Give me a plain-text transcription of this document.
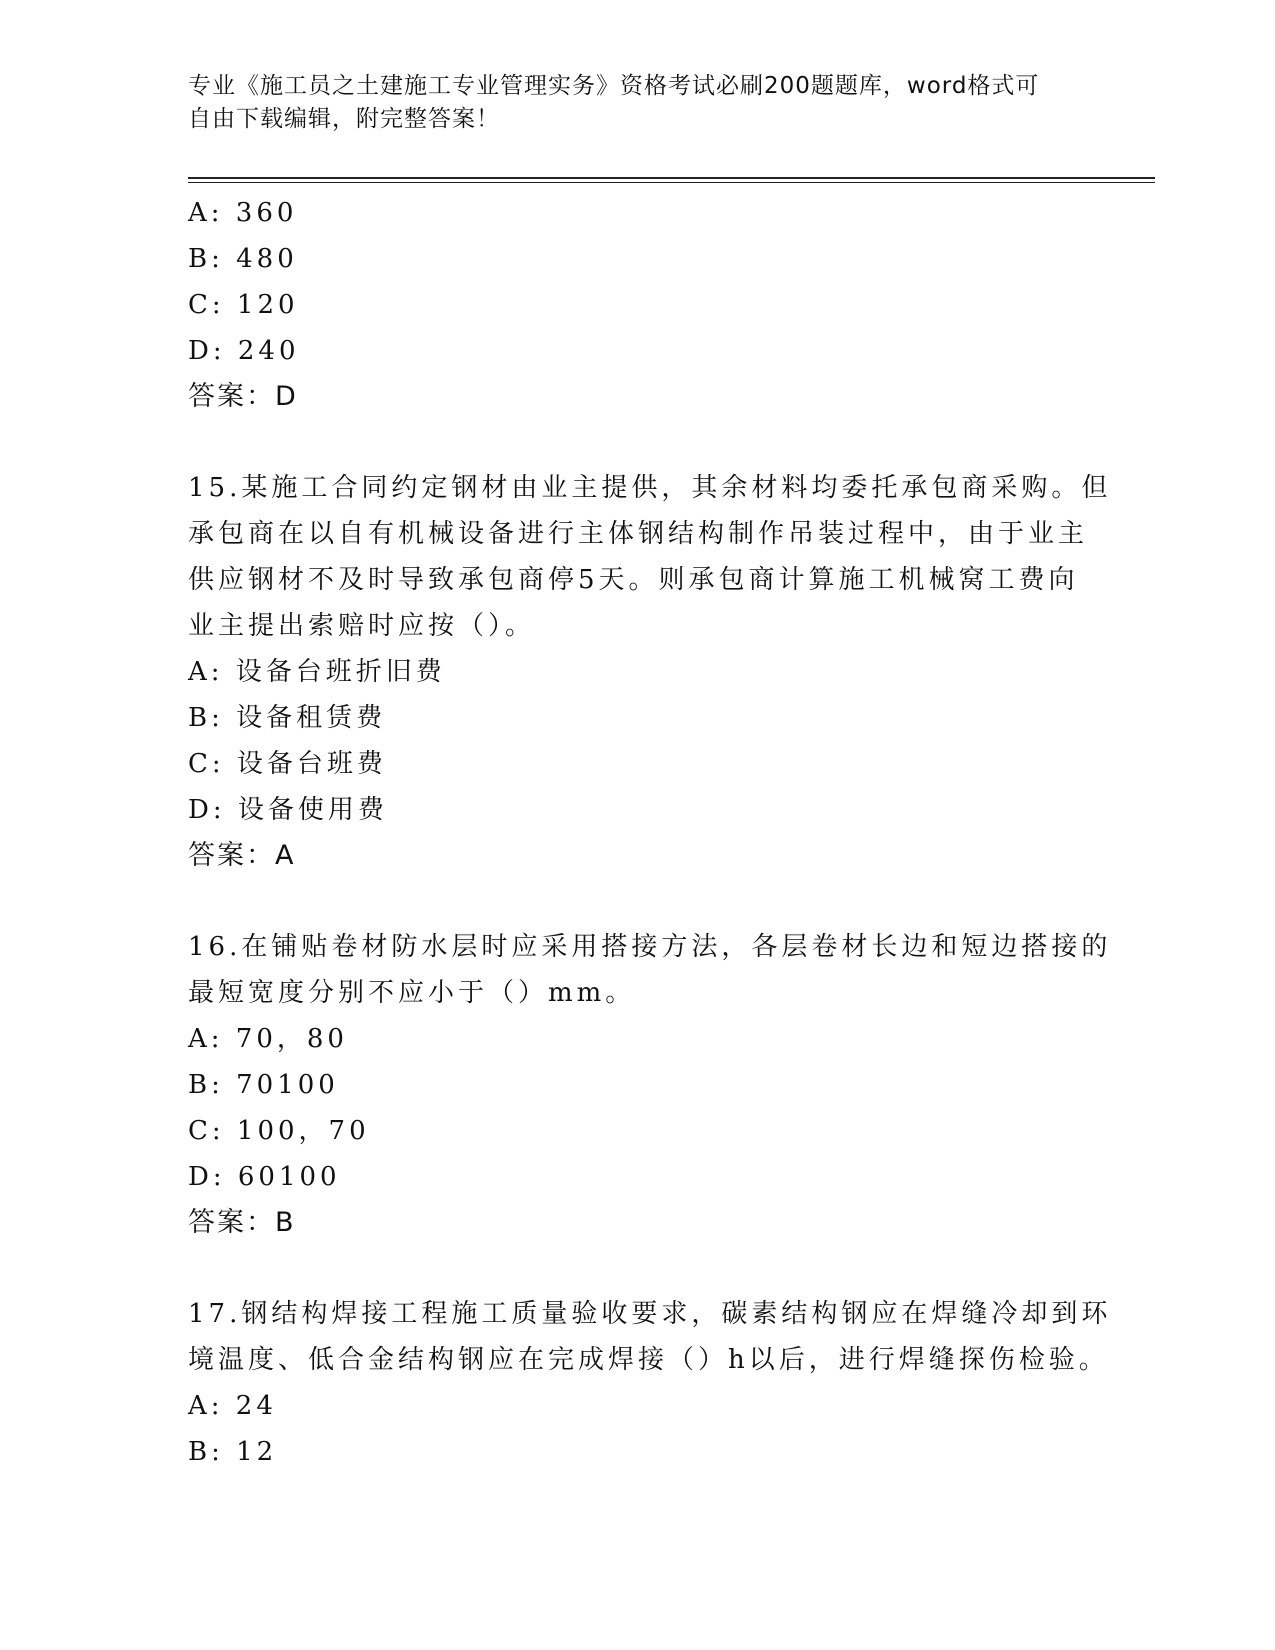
专业《施工员之土建施工专业管理实务》资格考试必刷200题题库，word格式可
自由下载编辑，附完整答案！
A: 360
B: 480
C: 120
D: 240
答案：D
15.某施工合同约定钢材由业主提供，其余材料均委托承包商采购。但
承包商在以自有机械设备进行主体钢结构制作吊装过程中，由于业主
供应钢材不及时导致承包商停5天。则承包商计算施工机械窝工费向
业主提出索赔时应按（）。
A: 设备台班折旧费
B: 设备租赁费
C: 设备台班费
D: 设备使用费
答案：A
16.在铺贴卷材防水层时应采用搭接方法，各层卷材长边和短边搭接的
最短宽度分别不应小于（）mm。
A: 70，80
B: 70100
C: 100，70
D: 60100
答案：B
17.钢结构焊接工程施工质量验收要求，碳素结构钢应在焊缝冷却到环
境温度、低合金结构钢应在完成焊接（）h以后，进行焊缝探伤检验。
A: 24
B: 12
